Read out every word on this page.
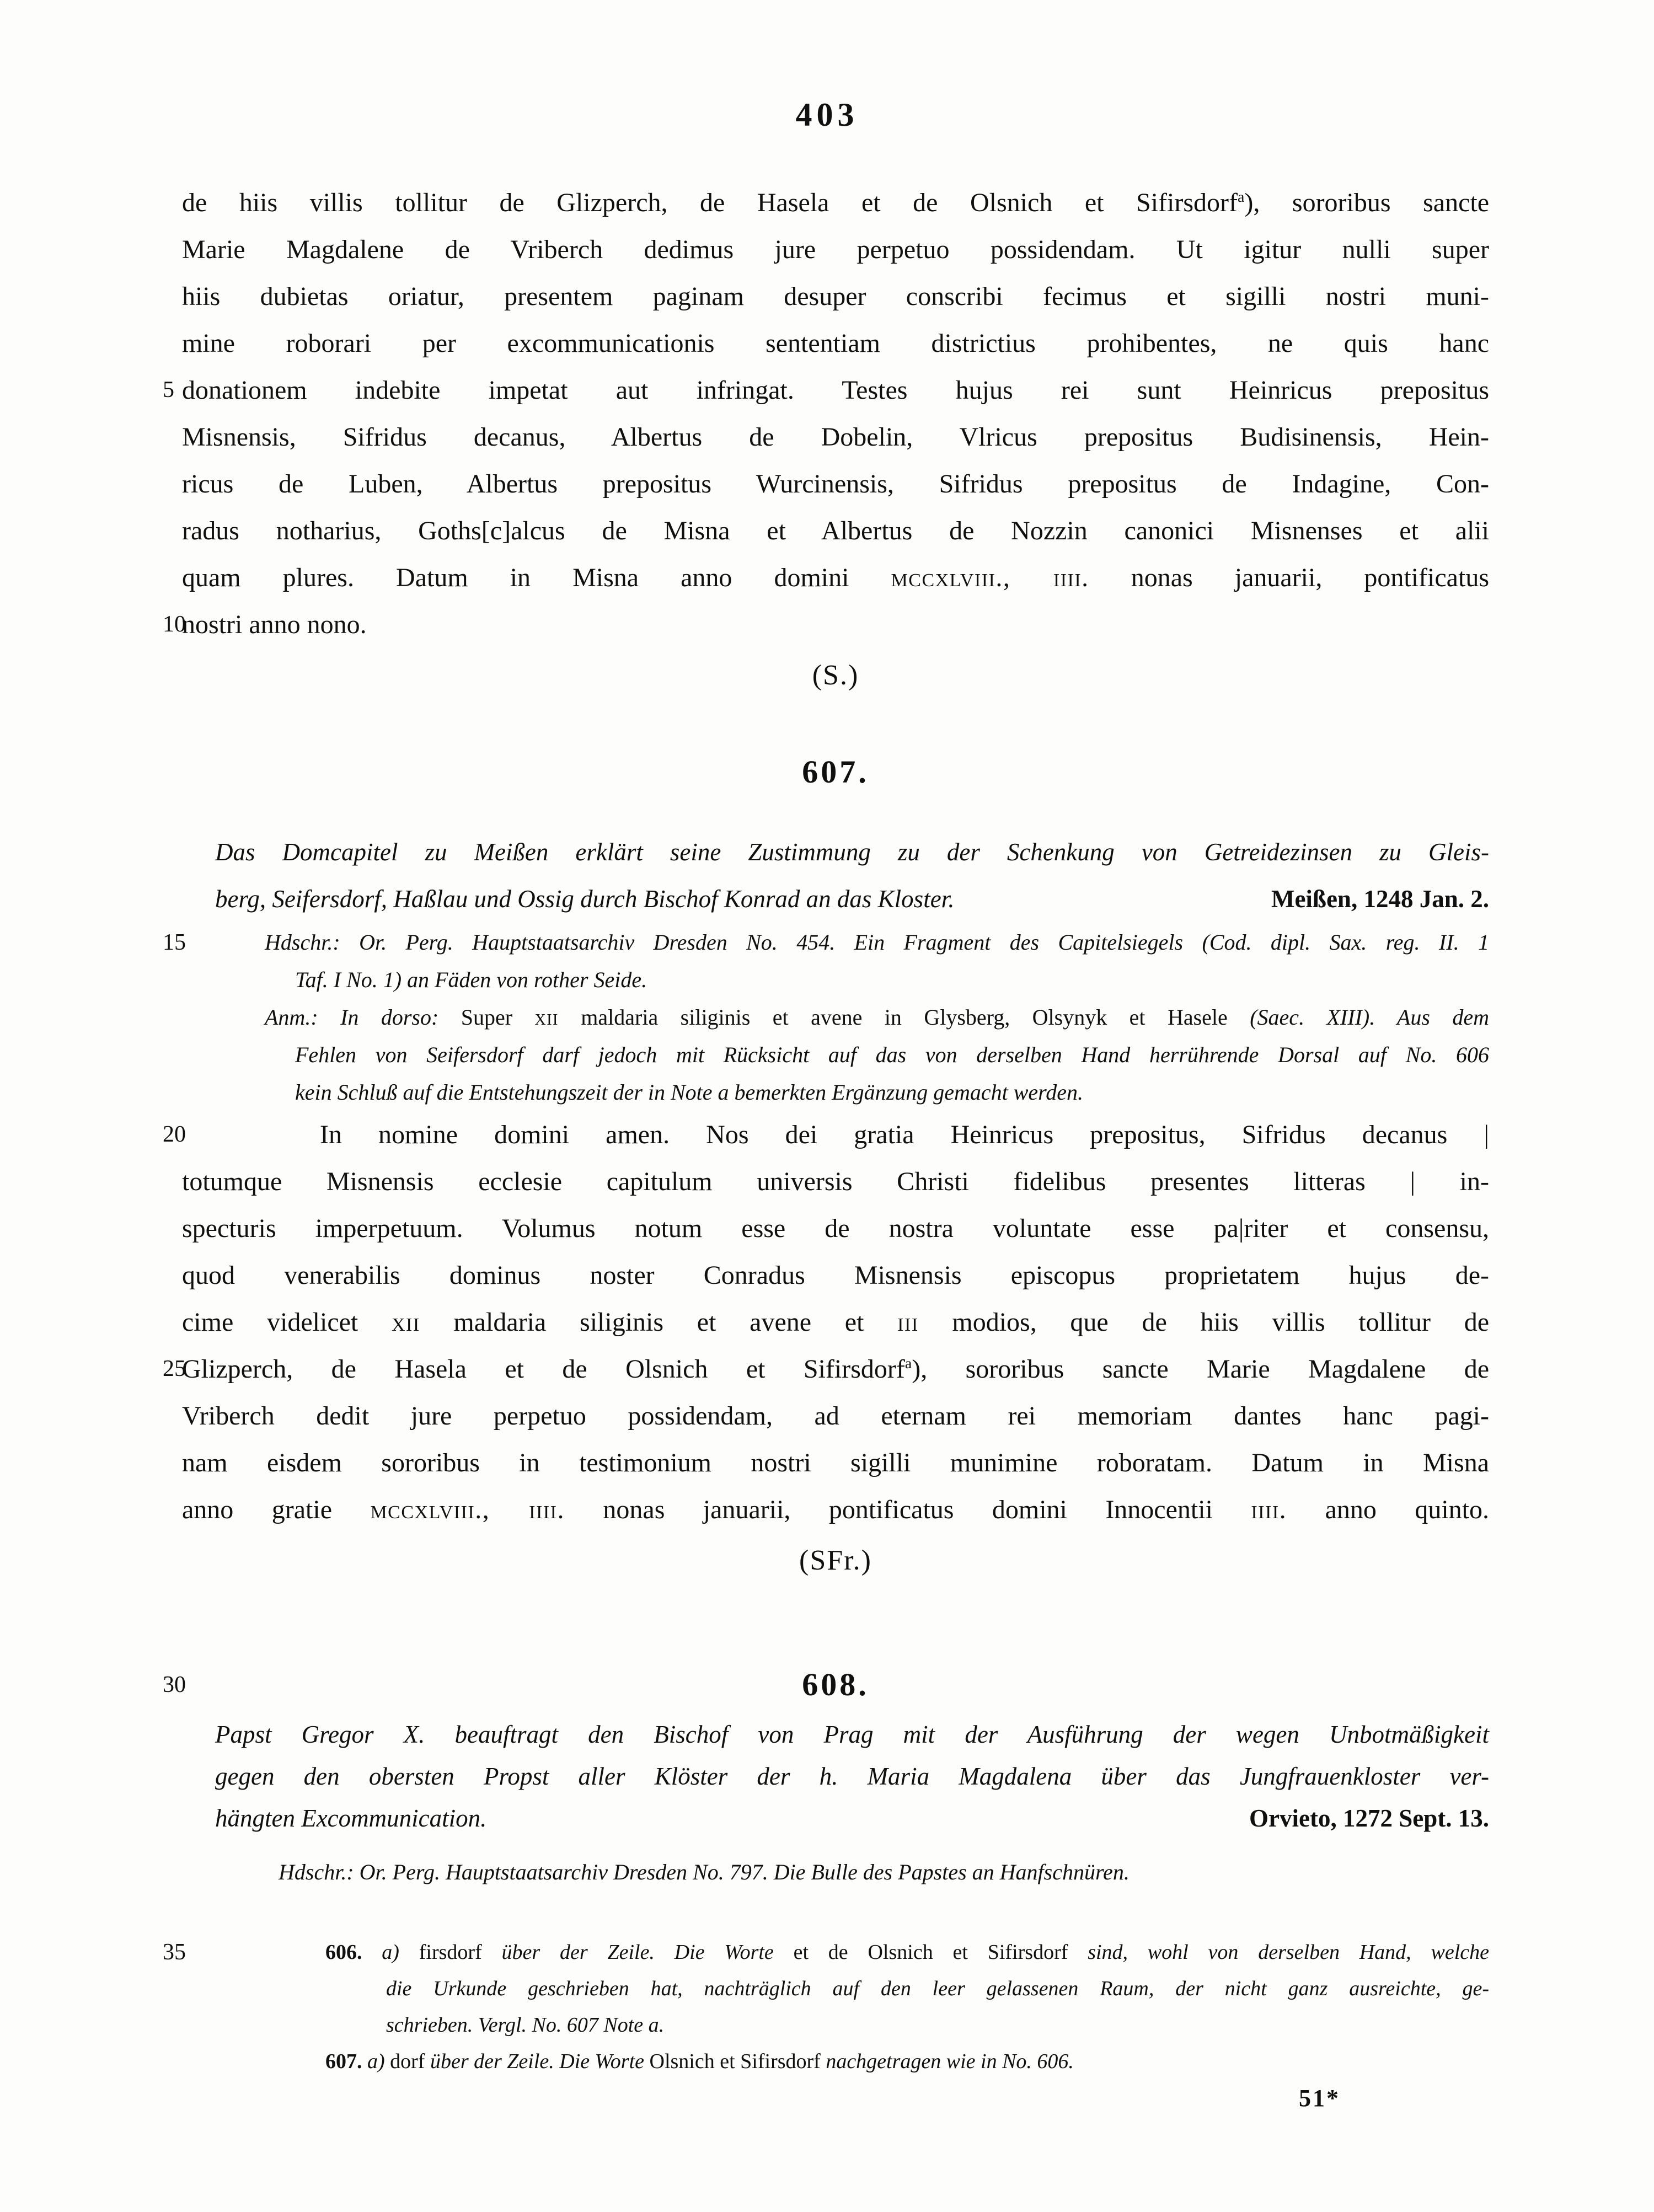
403

de hiis villis tollitur de Glizperch, de Hasela et de Olsnich et Sifirsdorf$^a$), sororibus sancte

Marie Magdalene de Vriberch dedimus jure perpetuo possidendam. Ut igitur nulli super

hiis dubietas oriatur, presentem paginam desuper conscribi fecimus et sigilli nostri muni-

mine roborari per excommunicationis sententiam districtius prohibentes, ne quis hanc

5 donationem indebite impetat aut infringat. Testes hujus rei sunt Heinricus prepositus

Misnensis, Sifridus decanus, Albertus de Dobelin, Vlricus prepositus Budisinensis, Hein-

ricus de Luben, Albertus prepositus Wurcinensis, Sifridus prepositus de Indagine, Con-

radus notharius, Goths[c]alcus de Misna et Albertus de Nozzin canonici Misnenses et alii

quam plures. Datum in Misna anno domini mccxlviii., iiii. nonas januarii, pontificatus

10
nostri anno nono.

(S.)

607.

Das Domcapitel zu Meißen erklärt seine Zustimmung zu der Schenkung von Getreidezinsen zu Gleis-

berg, Seifersdorf, Haßlau und Ossig durch Bischof Konrad an das Kloster.	Meißen, 1248 Jan. 2.

15	Hdschr.: Or. Perg. Hauptstaatsarchiv Dresden No. 454. Ein Fragment des Capitelsiegels (Cod. dipl. Sax. reg. II. 1

Taf. I No. 1) an Fäden von rother Seide.

Anm.: In dorso: Super xii maldaria siliginis et avene in Glysberg, Olsynyk et Hasele (Saec. XIII). Aus dem

Fehlen von Seifersdorf darf jedoch mit Rücksicht auf das von derselben Hand herrührende Dorsal auf No. 606

kein Schluß auf die Entstehungszeit der in Note a bemerkten Ergänzung gemacht werden.

20	In nomine domini amen. Nos dei gratia Heinricus prepositus, Sifridus decanus |

totumque Misnensis ecclesie capitulum universis Christi fidelibus presentes litteras | in-

specturis imperpetuum. Volumus notum esse de nostra voluntate esse pa|riter et consensu,

quod venerabilis dominus noster Conradus Misnensis episcopus proprietatem hujus de-

cime videlicet xii maldaria siliginis et avene et iii modios, que de hiis villis tollitur de

25
Glizperch, de Hasela et de Olsnich et Sifirsdorf$^a$), sororibus sancte Marie Magdalene de

Vriberch dedit jure perpetuo possidendam, ad eternam rei memoriam dantes hanc pagi-

nam eisdem sororibus in testimonium nostri sigilli munimine roboratam. Datum in Misna

anno gratie mccxlviii., iiii. nonas januarii, pontificatus domini Innocentii iiii. anno quinto.

(SFr.)

30	608.

Papst Gregor X. beauftragt den Bischof von Prag mit der Ausführung der wegen Unbotmäßigkeit

gegen den obersten Propst aller Klöster der h. Maria Magdalena über das Jungfrauenkloster ver-

hängten Excommunication.	Orvieto, 1272 Sept. 13.

Hdschr.: Or. Perg. Hauptstaatsarchiv Dresden No. 797. Die Bulle des Papstes an Hanfschnüren.

35	606. a) firsdorf über der Zeile. Die Worte et de Olsnich et Sifirsdorf sind, wohl von derselben Hand, welche

die Urkunde geschrieben hat, nachträglich auf den leer gelassenen Raum, der nicht ganz ausreichte, ge-

schrieben. Vergl. No. 607 Note a.

607. a) dorf über der Zeile. Die Worte Olsnich et Sifirsdorf nachgetragen wie in No. 606.

51*
